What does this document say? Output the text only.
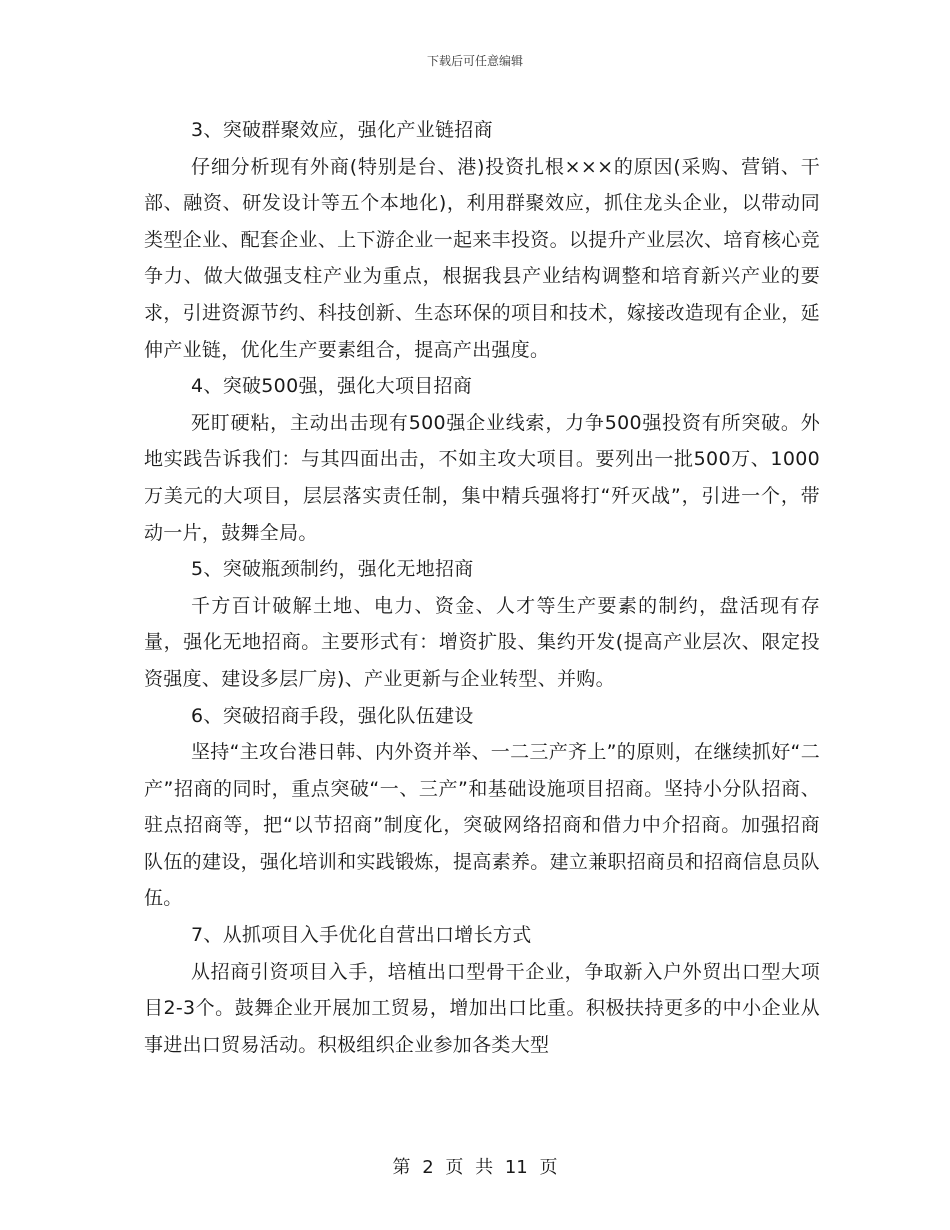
下载后可任意编辑

3、突破群聚效应，强化产业链招商

仔细分析现有外商(特别是台、港)投资扎根×××的原因(采购、营销、干部、融资、研发设计等五个本地化)，利用群聚效应，抓住龙头企业，以带动同类型企业、配套企业、上下游企业一起来丰投资。以提升产业层次、培育核心竞争力、做大做强支柱产业为重点，根据我县产业结构调整和培育新兴产业的要求，引进资源节约、科技创新、生态环保的项目和技术，嫁接改造现有企业，延伸产业链，优化生产要素组合，提高产出强度。

4、突破500强，强化大项目招商

死盯硬粘，主动出击现有500强企业线索，力争500强投资有所突破。外地实践告诉我们：与其四面出击，不如主攻大项目。要列出一批500万、1000万美元的大项目，层层落实责任制，集中精兵强将打“歼灭战”，引进一个，带动一片，鼓舞全局。

5、突破瓶颈制约，强化无地招商

千方百计破解土地、电力、资金、人才等生产要素的制约，盘活现有存量，强化无地招商。主要形式有：增资扩股、集约开发(提高产业层次、限定投资强度、建设多层厂房)、产业更新与企业转型、并购。

6、突破招商手段，强化队伍建设

坚持“主攻台港日韩、内外资并举、一二三产齐上”的原则，在继续抓好“二产”招商的同时，重点突破“一、三产”和基础设施项目招商。坚持小分队招商、驻点招商等，把“以节招商”制度化，突破网络招商和借力中介招商。加强招商队伍的建设，强化培训和实践锻炼，提高素养。建立兼职招商员和招商信息员队伍。

7、从抓项目入手优化自营出口增长方式

从招商引资项目入手，培植出口型骨干企业，争取新入户外贸出口型大项目2-3个。鼓舞企业开展加工贸易，增加出口比重。积极扶持更多的中小企业从事进出口贸易活动。积极组织企业参加各类大型

第 2 页 共 11 页
